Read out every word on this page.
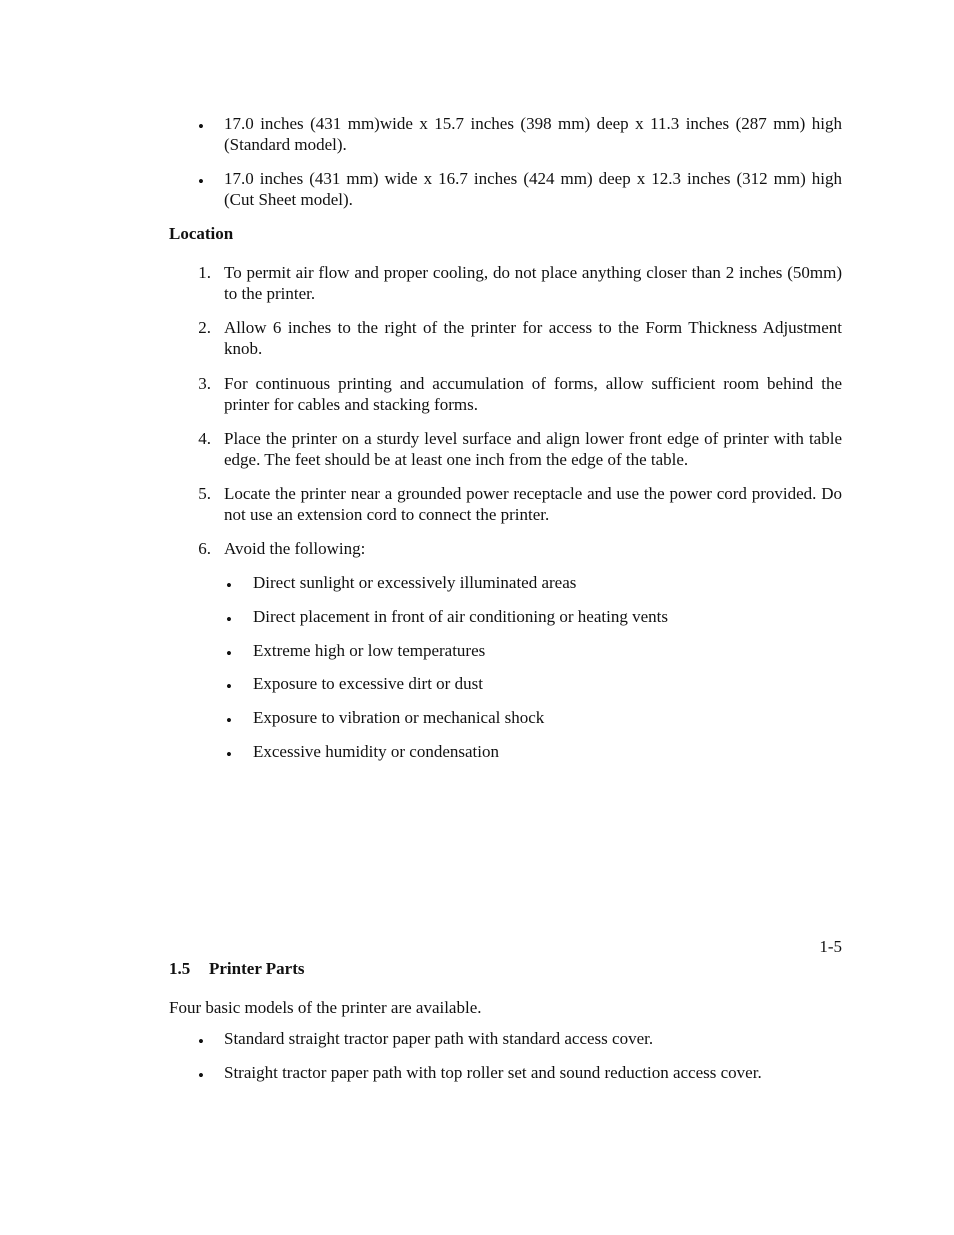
• 17.0 inches (431 mm)wide x 15.7 inches (398 mm) deep x 11.3 inches (287 mm) high (Standard model).
• 17.0 inches (431 mm) wide x 16.7 inches (424 mm) deep x 12.3 inches (312 mm) high (Cut Sheet model).
Location
1. To permit air flow and proper cooling, do not place anything closer than 2 inches (50mm) to the printer.
2. Allow 6 inches to the right of the printer for access to the Form Thickness Adjustment knob.
3. For continuous printing and accumulation of forms, allow sufficient room behind the printer for cables and stacking forms.
4. Place the printer on a sturdy level surface and align lower front edge of printer with table edge. The feet should be at least one inch from the edge of the table.
5. Locate the printer near a grounded power receptacle and use the power cord provided. Do not use an extension cord to connect the printer.
6. Avoid the following:
• Direct sunlight or excessively illuminated areas
• Direct placement in front of air conditioning or heating vents
• Extreme high or low temperatures
• Exposure to excessive dirt or dust
• Exposure to vibration or mechanical shock
• Excessive humidity or condensation
1-5
1.5 Printer Parts
Four basic models of the printer are available.
• Standard straight tractor paper path with standard access cover.
• Straight tractor paper path with top roller set and sound reduction access cover.
